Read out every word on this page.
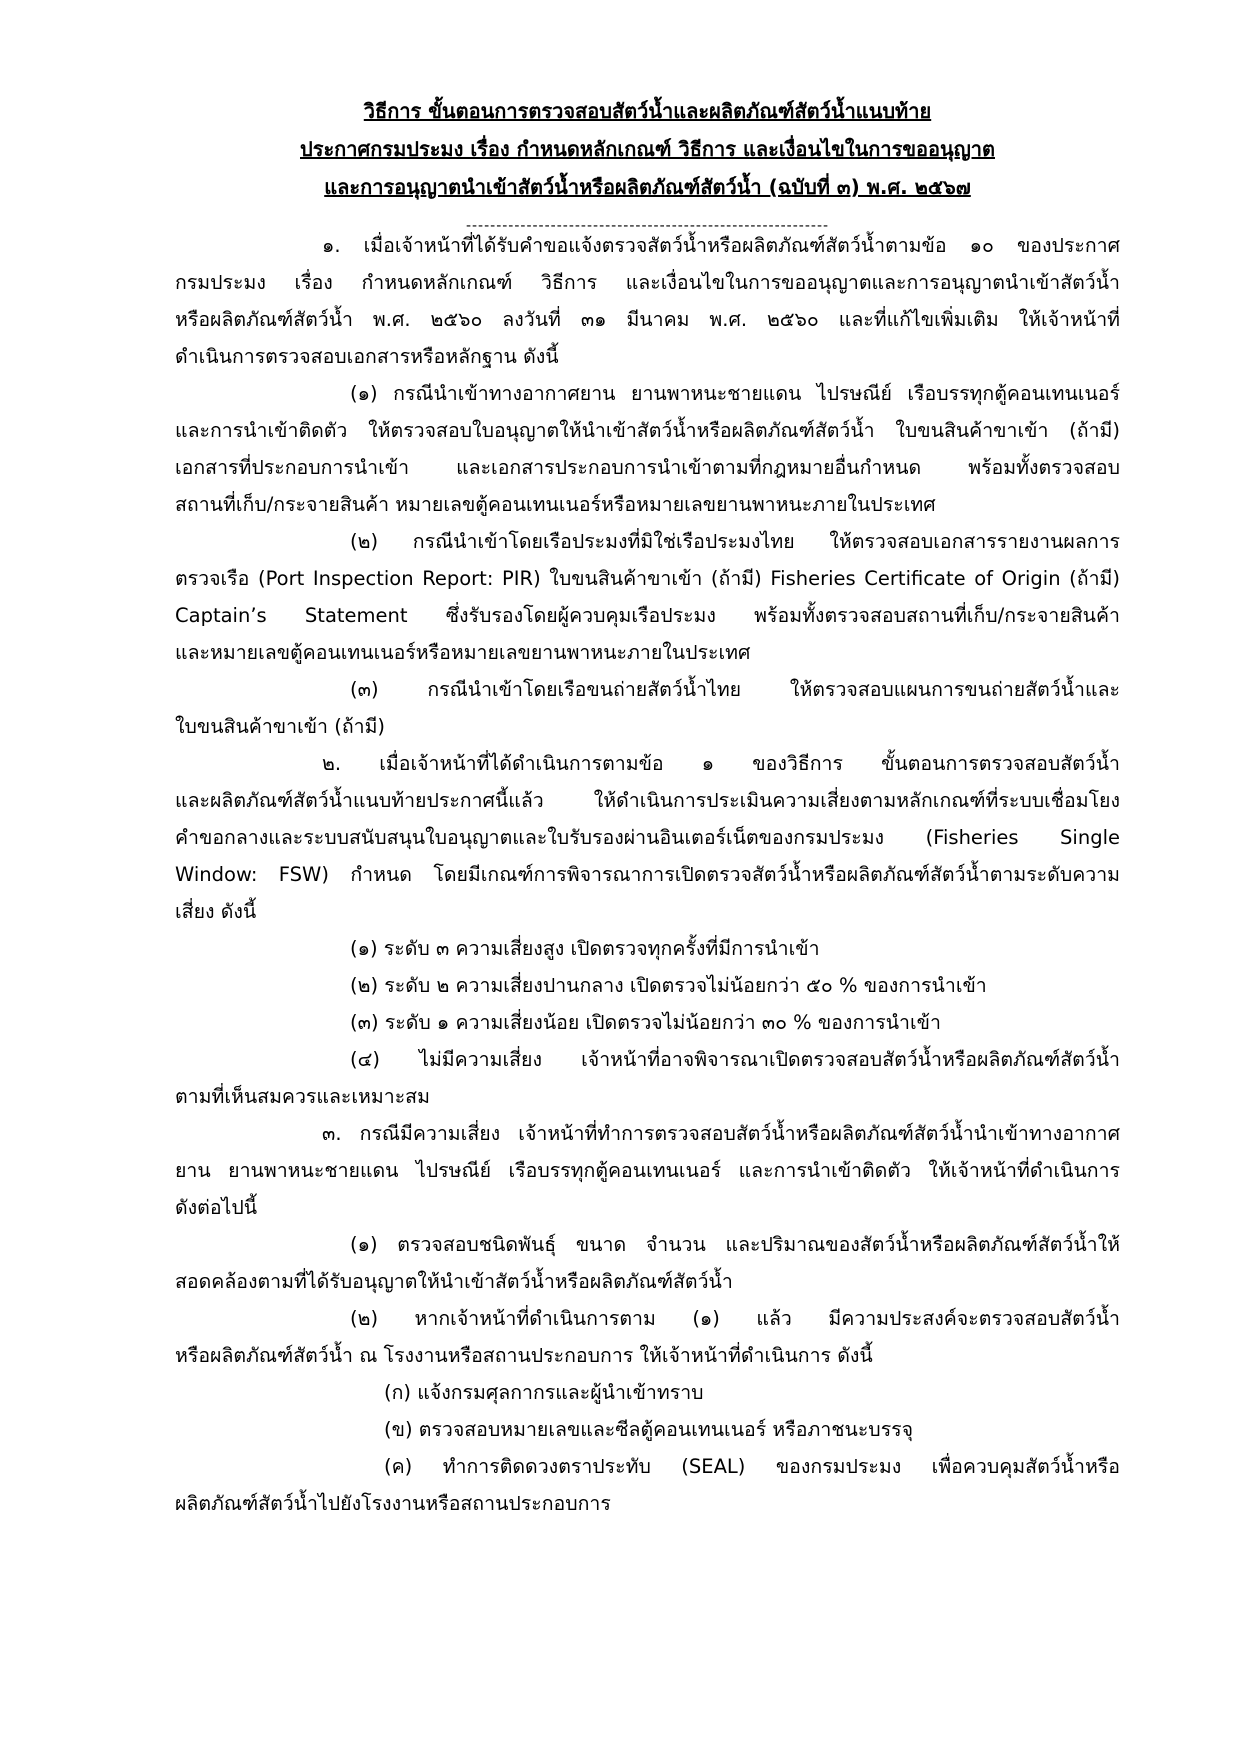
วิธีการ ขั้นตอนการตรวจสอบสัตว์น้ำและผลิตภัณฑ์สัตว์น้ำแนบท้าย
ประกาศกรมประมง เรื่อง กำหนดหลักเกณฑ์ วิธีการ และเงื่อนไขในการขออนุญาต
และการอนุญาตนำเข้าสัตว์น้ำหรือผลิตภัณฑ์สัตว์น้ำ (ฉบับที่ ๓) พ.ศ. ๒๕๖๗
------------------------------------------------------------
๑. เมื่อเจ้าหน้าที่ได้รับคำขอแจ้งตรวจสัตว์น้ำหรือผลิตภัณฑ์สัตว์น้ำตามข้อ ๑๐ ของประกาศ
กรมประมง เรื่อง กำหนดหลักเกณฑ์ วิธีการ และเงื่อนไขในการขออนุญาตและการอนุญาตนำเข้าสัตว์น้ำ
หรือผลิตภัณฑ์สัตว์น้ำ พ.ศ. ๒๕๖๐ ลงวันที่ ๓๑ มีนาคม พ.ศ. ๒๕๖๐ และที่แก้ไขเพิ่มเติม ให้เจ้าหน้าที่
ดำเนินการตรวจสอบเอกสารหรือหลักฐาน ดังนี้
(๑) กรณีนำเข้าทางอากาศยาน ยานพาหนะชายแดน ไปรษณีย์ เรือบรรทุกตู้คอนเทนเนอร์
และการนำเข้าติดตัว ให้ตรวจสอบใบอนุญาตให้นำเข้าสัตว์น้ำหรือผลิตภัณฑ์สัตว์น้ำ ใบขนสินค้าขาเข้า (ถ้ามี)
เอกสารที่ประกอบการนำเข้า และเอกสารประกอบการนำเข้าตามที่กฎหมายอื่นกำหนด พร้อมทั้งตรวจสอบ
สถานที่เก็บ/กระจายสินค้า หมายเลขตู้คอนเทนเนอร์หรือหมายเลขยานพาหนะภายในประเทศ
(๒) กรณีนำเข้าโดยเรือประมงที่มิใช่เรือประมงไทย ให้ตรวจสอบเอกสารรายงานผลการ
ตรวจเรือ (Port Inspection Report: PIR) ใบขนสินค้าขาเข้า (ถ้ามี) Fisheries Certificate of Origin (ถ้ามี)
Captain’s Statement ซึ่งรับรองโดยผู้ควบคุมเรือประมง พร้อมทั้งตรวจสอบสถานที่เก็บ/กระจายสินค้า
และหมายเลขตู้คอนเทนเนอร์หรือหมายเลขยานพาหนะภายในประเทศ
(๓) กรณีนำเข้าโดยเรือขนถ่ายสัตว์น้ำไทย ให้ตรวจสอบแผนการขนถ่ายสัตว์น้ำและ
ใบขนสินค้าขาเข้า (ถ้ามี)
๒. เมื่อเจ้าหน้าที่ได้ดำเนินการตามข้อ ๑ ของวิธีการ ขั้นตอนการตรวจสอบสัตว์น้ำ
และผลิตภัณฑ์สัตว์น้ำแนบท้ายประกาศนี้แล้ว ให้ดำเนินการประเมินความเสี่ยงตามหลักเกณฑ์ที่ระบบเชื่อมโยง
คำขอกลางและระบบสนับสนุนใบอนุญาตและใบรับรองผ่านอินเตอร์เน็ตของกรมประมง (Fisheries Single
Window: FSW) กำหนด โดยมีเกณฑ์การพิจารณาการเปิดตรวจสัตว์น้ำหรือผลิตภัณฑ์สัตว์น้ำตามระดับความ
เสี่ยง ดังนี้
(๑) ระดับ ๓ ความเสี่ยงสูง เปิดตรวจทุกครั้งที่มีการนำเข้า
(๒) ระดับ ๒ ความเสี่ยงปานกลาง เปิดตรวจไม่น้อยกว่า ๕๐ % ของการนำเข้า
(๓) ระดับ ๑ ความเสี่ยงน้อย เปิดตรวจไม่น้อยกว่า ๓๐ % ของการนำเข้า
(๔) ไม่มีความเสี่ยง เจ้าหน้าที่อาจพิจารณาเปิดตรวจสอบสัตว์น้ำหรือผลิตภัณฑ์สัตว์น้ำ
ตามที่เห็นสมควรและเหมาะสม
๓. กรณีมีความเสี่ยง เจ้าหน้าที่ทำการตรวจสอบสัตว์น้ำหรือผลิตภัณฑ์สัตว์น้ำนำเข้าทางอากาศ
ยาน ยานพาหนะชายแดน ไปรษณีย์ เรือบรรทุกตู้คอนเทนเนอร์ และการนำเข้าติดตัว ให้เจ้าหน้าที่ดำเนินการ
ดังต่อไปนี้
(๑) ตรวจสอบชนิดพันธุ์ ขนาด จำนวน และปริมาณของสัตว์น้ำหรือผลิตภัณฑ์สัตว์น้ำให้
สอดคล้องตามที่ได้รับอนุญาตให้นำเข้าสัตว์น้ำหรือผลิตภัณฑ์สัตว์น้ำ
(๒) หากเจ้าหน้าที่ดำเนินการตาม (๑) แล้ว มีความประสงค์จะตรวจสอบสัตว์น้ำ
หรือผลิตภัณฑ์สัตว์น้ำ ณ โรงงานหรือสถานประกอบการ ให้เจ้าหน้าที่ดำเนินการ ดังนี้
(ก) แจ้งกรมศุลกากรและผู้นำเข้าทราบ
(ข) ตรวจสอบหมายเลขและซีลตู้คอนเทนเนอร์ หรือภาชนะบรรจุ
(ค) ทำการติดดวงตราประทับ (SEAL) ของกรมประมง เพื่อควบคุมสัตว์น้ำหรือ
ผลิตภัณฑ์สัตว์น้ำไปยังโรงงานหรือสถานประกอบการ
